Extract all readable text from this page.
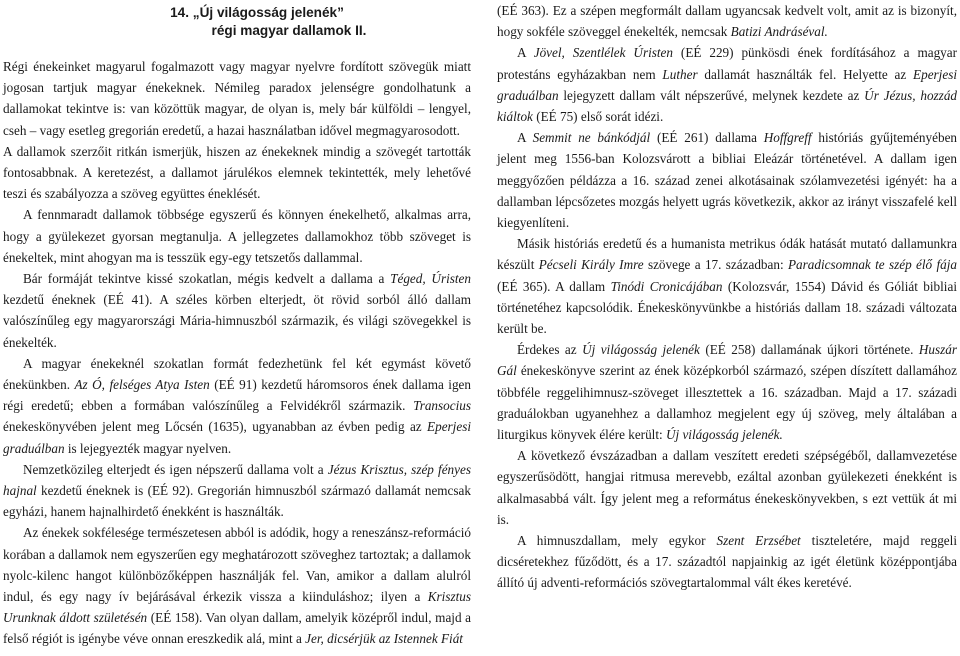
14. „Új világosság jelenék”
régi magyar dallamok II.

Régi énekeinket magyarul fogalmazott vagy magyar nyelvre fordított szövegük miatt jogosan tartjuk magyar énekeknek. Némileg paradox jelenségre gondolhatunk a dallamokat tekintve is: van közöttük magyar, de olyan is, mely bár külföldi – lengyel, cseh – vagy esetleg gregorián eredetű, a hazai használatban idővel megmagyarosodott.

A dallamok szerzőit ritkán ismerjük, hiszen az énekeknek mindig a szövegét tartották fontosabbnak. A keretezést, a dallamot járulékos elemnek tekintették, mely lehetővé teszi és szabályozza a szöveg együttes éneklését.

A fennmaradt dallamok többsége egyszerű és könnyen énekelhető, alkalmas arra, hogy a gyülekezet gyorsan megtanulja. A jellegzetes dallamokhoz több szöveget is énekeltek, mint ahogyan ma is tesszük egy-egy tetszetős dallammal.

Bár formáját tekintve kissé szokatlan, mégis kedvelt a dallama a Téged, Úristen kezdetű éneknek (EÉ 41). A széles körben elterjedt, öt rövid sorból álló dallam valószínűleg egy magyarországi Mária-himnuszból származik, és világi szövegekkel is énekelték.

A magyar énekeknél szokatlan formát fedezhetünk fel két egymást követő énekünkben. Az Ó, felséges Atya Isten (EÉ 91) kezdetű háromsoros ének dallama igen régi eredetű; ebben a formában valószínűleg a Felvidékről származik. Transocius énekeskönyvében jelent meg Lőcsén (1635), ugyanabban az évben pedig az Eperjesi graduálban is lejegyezték magyar nyelven.

Nemzetközileg elterjedt és igen népszerű dallama volt a Jézus Krisztus, szép fényes hajnal kezdetű éneknek is (EÉ 92). Gregorián himnuszból származó dallamát nemcsak egyházi, hanem hajnalhirdető énekként is használták.

Az énekek sokfélesége természetesen abból is adódik, hogy a reneszánsz-reformáció korában a dallamok nem egyszerűen egy meghatározott szöveghez tartoztak; a dallamok nyolc-kilenc hangot különbözőképpen használják fel. Van, amikor a dallam alulról indul, és egy nagy ív bejárásával érkezik vissza a kiinduláshoz; ilyen a Krisztus Urunknak áldott születésén (EÉ 158). Van olyan dallam, amelyik középről indul, majd a felső régiót is igénybe véve onnan ereszkedik alá, mint a Jer, dicsérjük az Istennek Fiát

(EÉ 363). Ez a szépen megformált dallam ugyancsak kedvelt volt, amit az is bizonyít, hogy sokféle szöveggel énekelték, nemcsak Batizi Andráséval.

A Jövel, Szentlélek Úristen (EÉ 229) pünkösdi ének fordításához a magyar protestáns egyházakban nem Luther dallamát használták fel. Helyette az Eperjesi graduálban lejegyzett dallam vált népszerűvé, melynek kezdete az Úr Jézus, hozzád kiáltok (EÉ 75) első sorát idézi.

A Semmit ne bánkódjál (EÉ 261) dallama Hoffgreff históriás gyűjteményében jelent meg 1556-ban Kolozsvárott a bibliai Eleázár történetével. A dallam igen meggyőzően példázza a 16. század zenei alkotásainak szólamvezetési igényét: ha a dallamban lépcsőzetes mozgás helyett ugrás következik, akkor az irányt visszafelé kell kiegyenlíteni.

Másik históriás eredetű és a humanista metrikus ódák hatását mutató dallamunkra készült Pécseli Király Imre szövege a 17. században: Paradicsomnak te szép élő fája (EÉ 365). A dallam Tinódi Cronicájában (Kolozsvár, 1554) Dávid és Góliát bibliai történetéhez kapcsolódik. Énekeskönyvünkbe a históriás dallam 18. századi változata került be.

Érdekes az Új világosság jelenék (EÉ 258) dallamának újkori története. Huszár Gál énekeskönyve szerint az ének középkorból származó, szépen díszített dallamához többféle reggelihimnusz-szöveget illesztettek a 16. században. Majd a 17. századi graduálokban ugyanehhez a dallamhoz megjelent egy új szöveg, mely általában a liturgikus könyvek élére került: Új világosság jelenék.

A következő évszázadban a dallam veszített eredeti szépségéből, dallamvezetése egyszerűsödött, hangjai ritmusa merevebb, ezáltal azonban gyülekezeti énekként is alkalmasabbá vált. Így jelent meg a református énekeskönyvekben, s ezt vettük át mi is.

A himnuszdallam, mely egykor Szent Erzsébet tiszteletére, majd reggeli dicséretekhez fűződött, és a 17. századtól napjainkig az igét életünk középpontjába állító új adventi-reformációs szövegtartalommal vált ékes keretévé.
